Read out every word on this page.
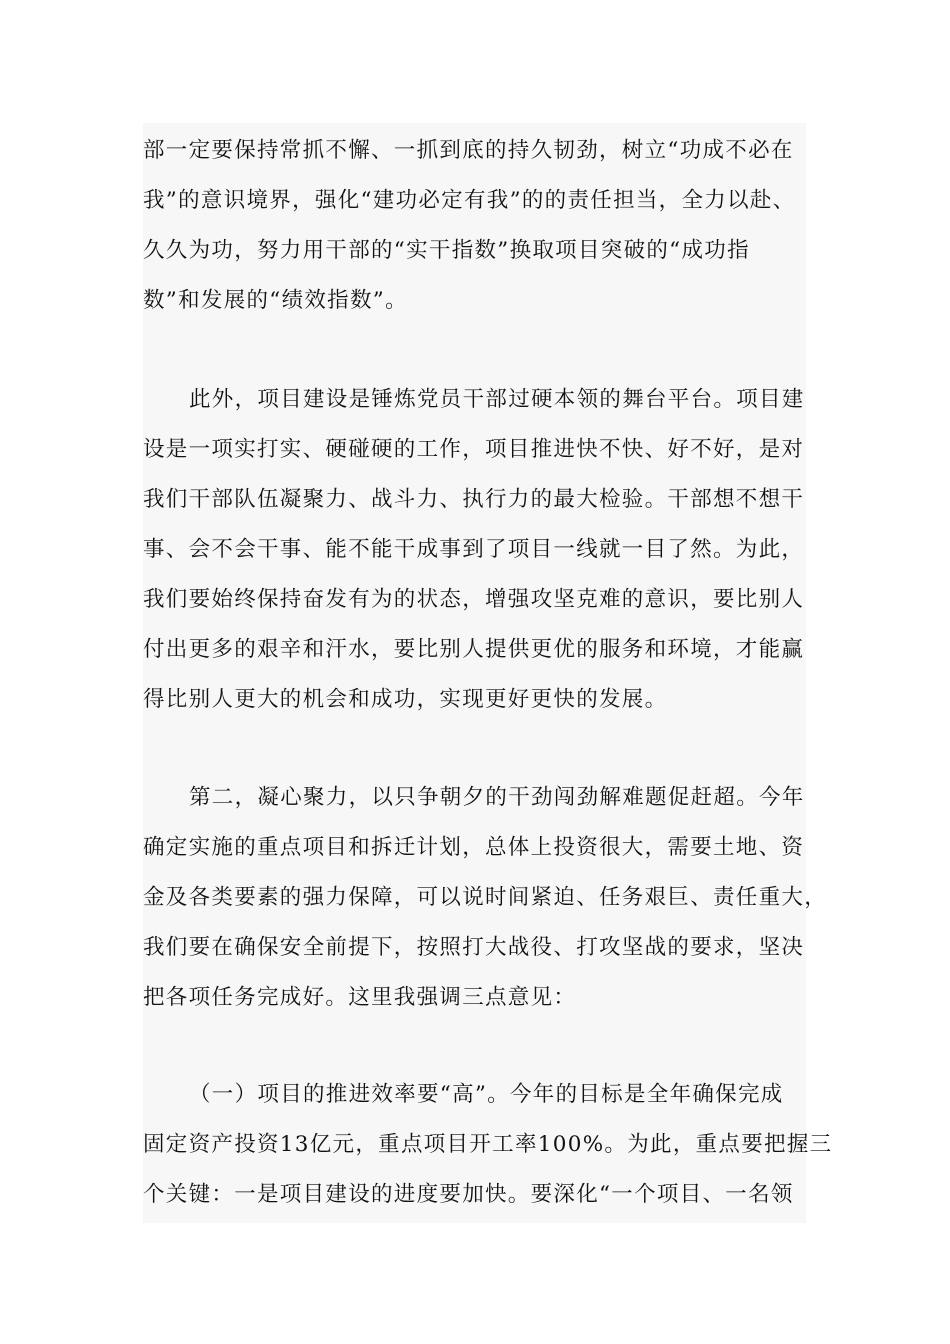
部一定要保持常抓不懈、一抓到底的持久韧劲，树立“功成不必在
我”的意识境界，强化“建功必定有我”的的责任担当，全力以赴、
久久为功，努力用干部的“实干指数”换取项目突破的“成功指
数”和发展的“绩效指数”。
此外，项目建设是锤炼党员干部过硬本领的舞台平台。项目建
设是一项实打实、硬碰硬的工作，项目推进快不快、好不好，是对
我们干部队伍凝聚力、战斗力、执行力的最大检验。干部想不想干
事、会不会干事、能不能干成事到了项目一线就一目了然。为此，
我们要始终保持奋发有为的状态，增强攻坚克难的意识，要比别人
付出更多的艰辛和汗水，要比别人提供更优的服务和环境，才能赢
得比别人更大的机会和成功，实现更好更快的发展。
第二，凝心聚力，以只争朝夕的干劲闯劲解难题促赶超。今年
确定实施的重点项目和拆迁计划，总体上投资很大，需要土地、资
金及各类要素的强力保障，可以说时间紧迫、任务艰巨、责任重大，
我们要在确保安全前提下，按照打大战役、打攻坚战的要求，坚决
把各项任务完成好。这里我强调三点意见：
（一）项目的推进效率要“高”。今年的目标是全年确保完成
固定资产投资13亿元，重点项目开工率100%。为此，重点要把握三
个关键：一是项目建设的进度要加快。要深化“一个项目、一名领
